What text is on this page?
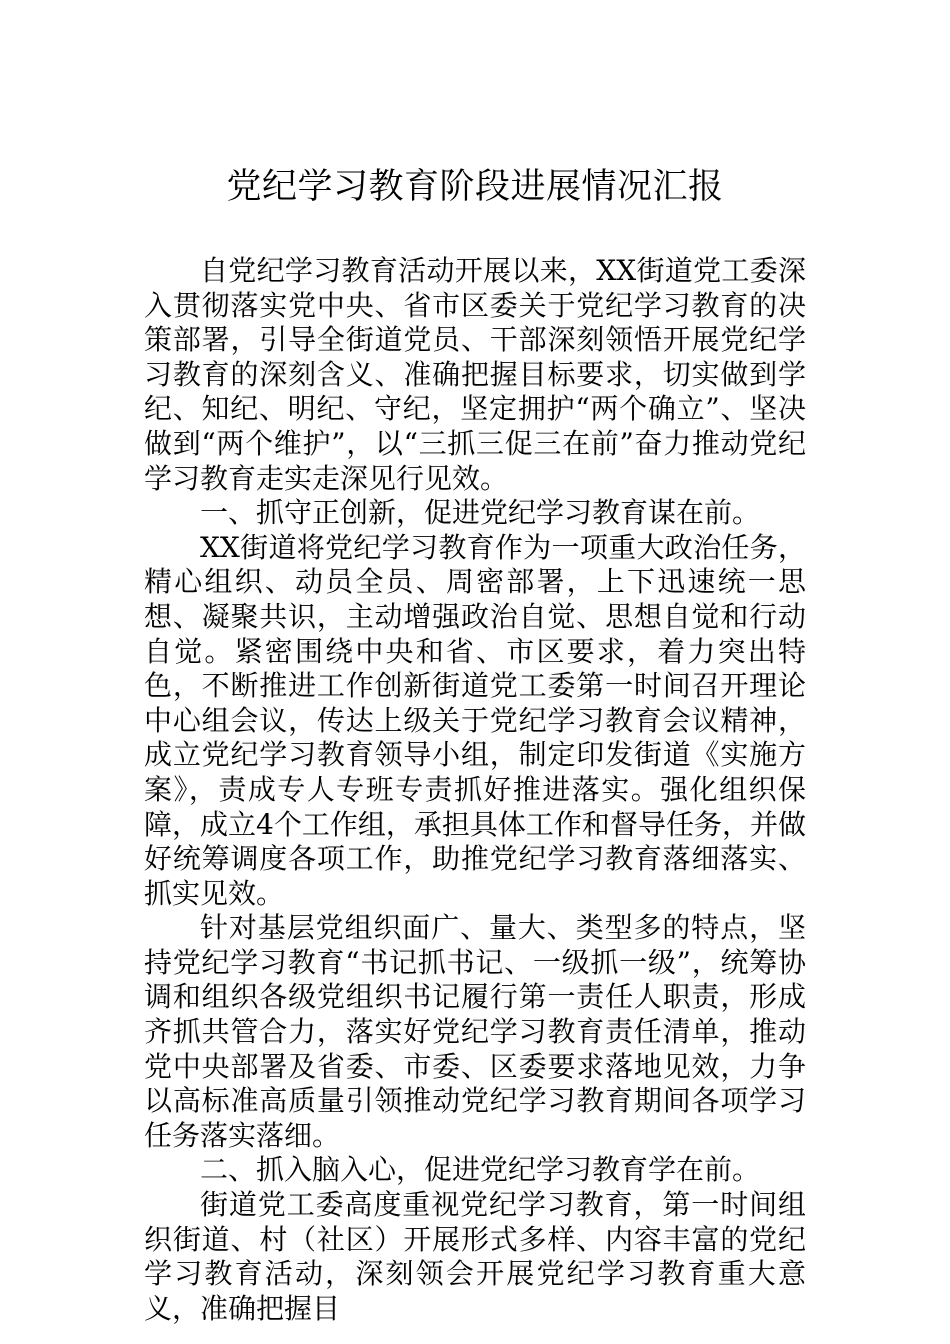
党纪学习教育阶段进展情况汇报

自党纪学习教育活动开展以来，XX街道党工委深入贯彻落实党中央、省市区委关于党纪学习教育的决策部署，引导全街道党员、干部深刻领悟开展党纪学习教育的深刻含义、准确把握目标要求，切实做到学纪、知纪、明纪、守纪，坚定拥护“两个确立”、坚决做到“两个维护”，以“三抓三促三在前”奋力推动党纪学习教育走实走深见行见效。

一、抓守正创新，促进党纪学习教育谋在前。

XX街道将党纪学习教育作为一项重大政治任务，精心组织、动员全员、周密部署，上下迅速统一思想、凝聚共识，主动增强政治自觉、思想自觉和行动自觉。紧密围绕中央和省、市区要求，着力突出特色，不断推进工作创新街道党工委第一时间召开理论中心组会议，传达上级关于党纪学习教育会议精神，成立党纪学习教育领导小组，制定印发街道《实施方案》，责成专人专班专责抓好推进落实。强化组织保障，成立4个工作组，承担具体工作和督导任务，并做好统筹调度各项工作，助推党纪学习教育落细落实、抓实见效。

针对基层党组织面广、量大、类型多的特点，坚持党纪学习教育“书记抓书记、一级抓一级”，统筹协调和组织各级党组织书记履行第一责任人职责，形成齐抓共管合力，落实好党纪学习教育责任清单，推动党中央部署及省委、市委、区委要求落地见效，力争以高标准高质量引领推动党纪学习教育期间各项学习任务落实落细。

二、抓入脑入心，促进党纪学习教育学在前。

街道党工委高度重视党纪学习教育，第一时间组织街道、村（社区）开展形式多样、内容丰富的党纪学习教育活动，深刻领会开展党纪学习教育重大意义，准确把握目
